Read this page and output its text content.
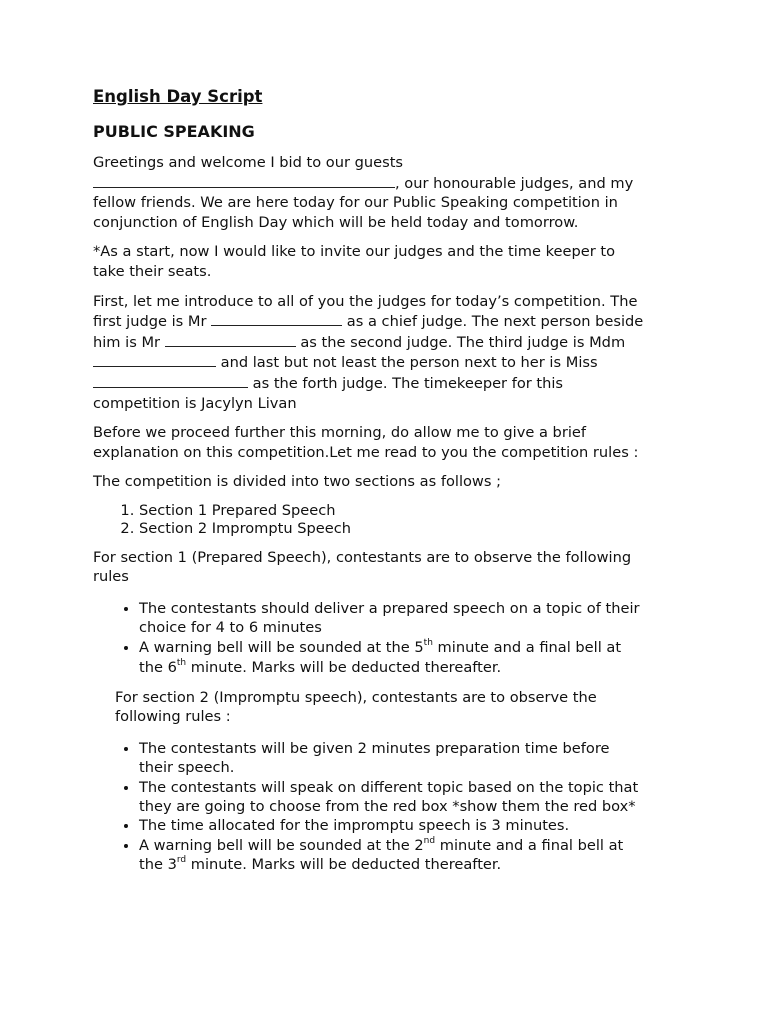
English Day Script
PUBLIC SPEAKING

Greetings and welcome I bid to our guests
, our honourable judges, and my
fellow friends. We are here today for our Public Speaking competition in
conjunction of English Day which will be held today and tomorrow.

*As a start, now I would like to invite our judges and the time keeper to
take their seats.

First, let me introduce to all of you the judges for today’s competition. The
first judge is Mr	as a chief judge. The next person beside
him is Mr	as the second judge. The third judge is Mdm
and last but not least the person next to her is Miss
as the forth judge. The timekeeper for this
competition is Jacylyn Livan

Before we proceed further this morning, do allow me to give a brief
explanation on this competition.Let me read to you the competition rules :

The competition is divided into two sections as follows ;

1. Section 1 Prepared Speech
2. Section 2 Impromptu Speech

For section 1 (Prepared Speech), contestants are to observe the following
rules

• The contestants should deliver a prepared speech on a topic of their
choice for 4 to 6 minutes
• A warning bell will be sounded at the 5th minute and a final bell at
the 6th minute. Marks will be deducted thereafter.

For section 2 (Impromptu speech), contestants are to observe the
following rules :

• The contestants will be given 2 minutes preparation time before
their speech.
• The contestants will speak on different topic based on the topic that
they are going to choose from the red box *show them the red box*
• The time allocated for the impromptu speech is 3 minutes.
• A warning bell will be sounded at the 2nd minute and a final bell at
the 3rd minute. Marks will be deducted thereafter.
